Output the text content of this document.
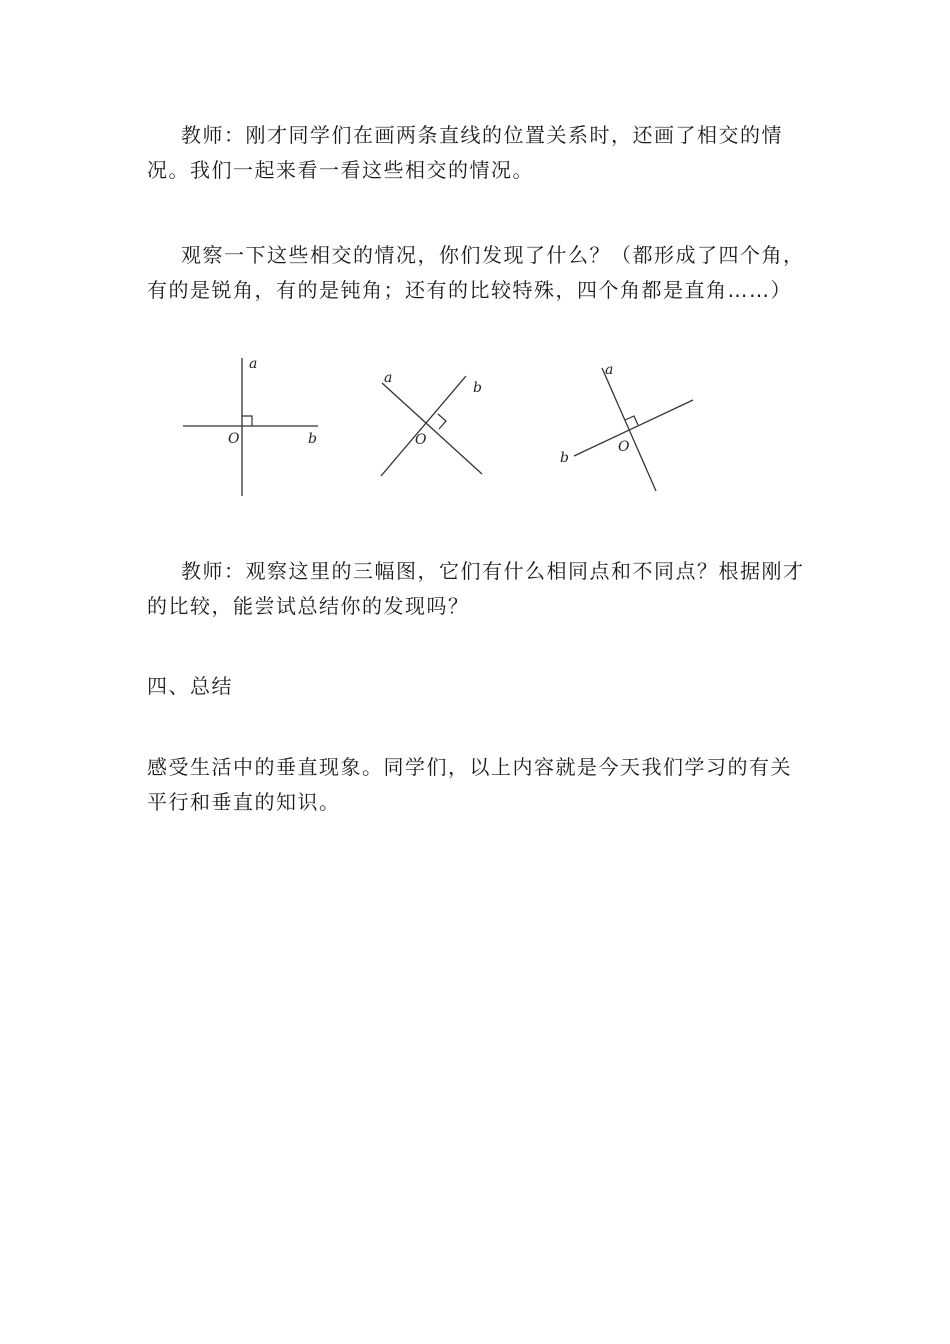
教师：刚才同学们在画两条直线的位置关系时，还画了相交的情况。我们一起来看一看这些相交的情况。

观察一下这些相交的情况，你们发现了什么？（都形成了四个角，有的是锐角，有的是钝角；还有的比较特殊，四个角都是直角……）

a
b
O
a
b
O
a
b
O

教师：观察这里的三幅图，它们有什么相同点和不同点？根据刚才的比较，能尝试总结你的发现吗？

四、总结

感受生活中的垂直现象。同学们，以上内容就是今天我们学习的有关平行和垂直的知识。
